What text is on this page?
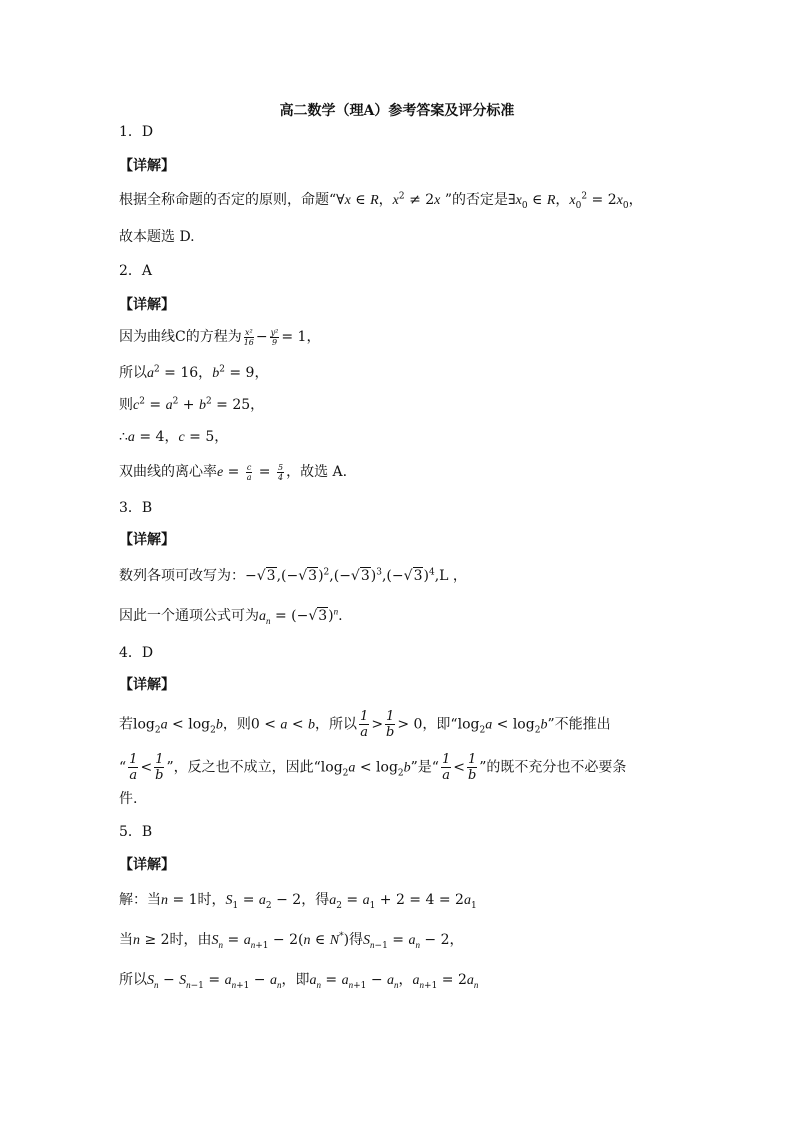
高二数学（理A）参考答案及评分标准
1．D
【详解】
根据全称命题的否定的原则，命题“∀x ∈ R，$x^2 \ne 2x$ ”的否定是$\exists x_0$ ∈ R，$x_0^2 = 2x_0$，
故本题选 D.
2．A
【详解】
因为曲线C的方程为 $\frac{\text{x²}}{16} - \frac{\text{y²}}{9} = 1$，
所以$a^2 = 16$，$b^2 = 9$，
则$c^2 = a^2 + b^2 = 25$，
∴a = 4，c = 5，
双曲线的离心率$e = \frac{c}{a} = \frac{5}{4}$ ，故选 A.
3．B
【详解】
数列各项可改写为：$-√3,(-√3)^2,(-√3)^3,(-√3)^4,L$ ，
因此一个通项公式可为$a_n = (-√3)^n$.
4．D
【详解】
若$\log_2a < \log_2b$，则0 < a < b，所以 $\frac{1}{a} > \frac{1}{b} > 0$，即“$\log_2a < \log_2b$”不能推出
“ $\frac{1}{a} < \frac{1}{b}$ ”，反之也不成立，因此“$\log_2a < \log_2b$”是“ $\frac{1}{a} < \frac{1}{b}$ ”的既不充分也不必要条
件.
5．B
【详解】
解：当n = 1时，$S_1 = a_2 - 2$，得$a_2 = a_1 + 2 = 4 = 2a_1$
当n ≥ 2时，由$S_n = a_{n+1} - 2(n$ ∈ N*)得$S_{n-1} = a_n - 2$，
所以$S_n - S_{n-1} = a_{n+1} - a_n$，即$a_n = a_{n+1} - a_n$，$a_{n+1} = 2a_n$
